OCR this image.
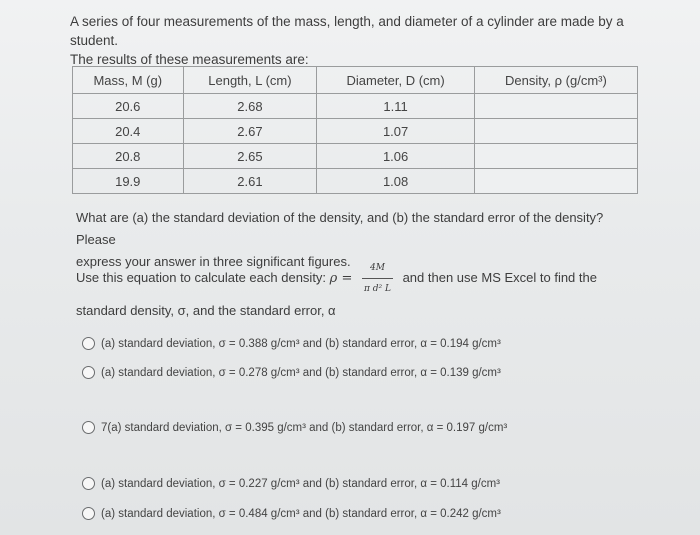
A series of four measurements of the mass, length, and diameter of a cylinder are made by a student.
The results of these measurements are:
Mass, M (g)	Length, L (cm)	Diameter, D (cm)	Density, ρ (g/cm³)
20.6	2.68	1.11	
20.4	2.67	1.07	
20.8	2.65	1.06	
19.9	2.61	1.08	
What are (a) the standard deviation of the density, and (b) the standard error of the density? Please
express your answer in three significant figures.
Use this equation to calculate each density: $\rho = \frac{4M}{\text{π d² L}}$ and then use MS Excel to find the
standard density, σ, and the standard error, α
(a) standard deviation, σ = 0.388 g/cm³ and (b) standard error, α = 0.194 g/cm³
(a) standard deviation, σ = 0.278 g/cm³ and (b) standard error, α = 0.139 g/cm³
7(a) standard deviation, σ = 0.395 g/cm³ and (b) standard error, α = 0.197 g/cm³
(a) standard deviation, σ = 0.227 g/cm³ and (b) standard error, α = 0.114 g/cm³
(a) standard deviation, σ = 0.484 g/cm³ and (b) standard error, α = 0.242 g/cm³
